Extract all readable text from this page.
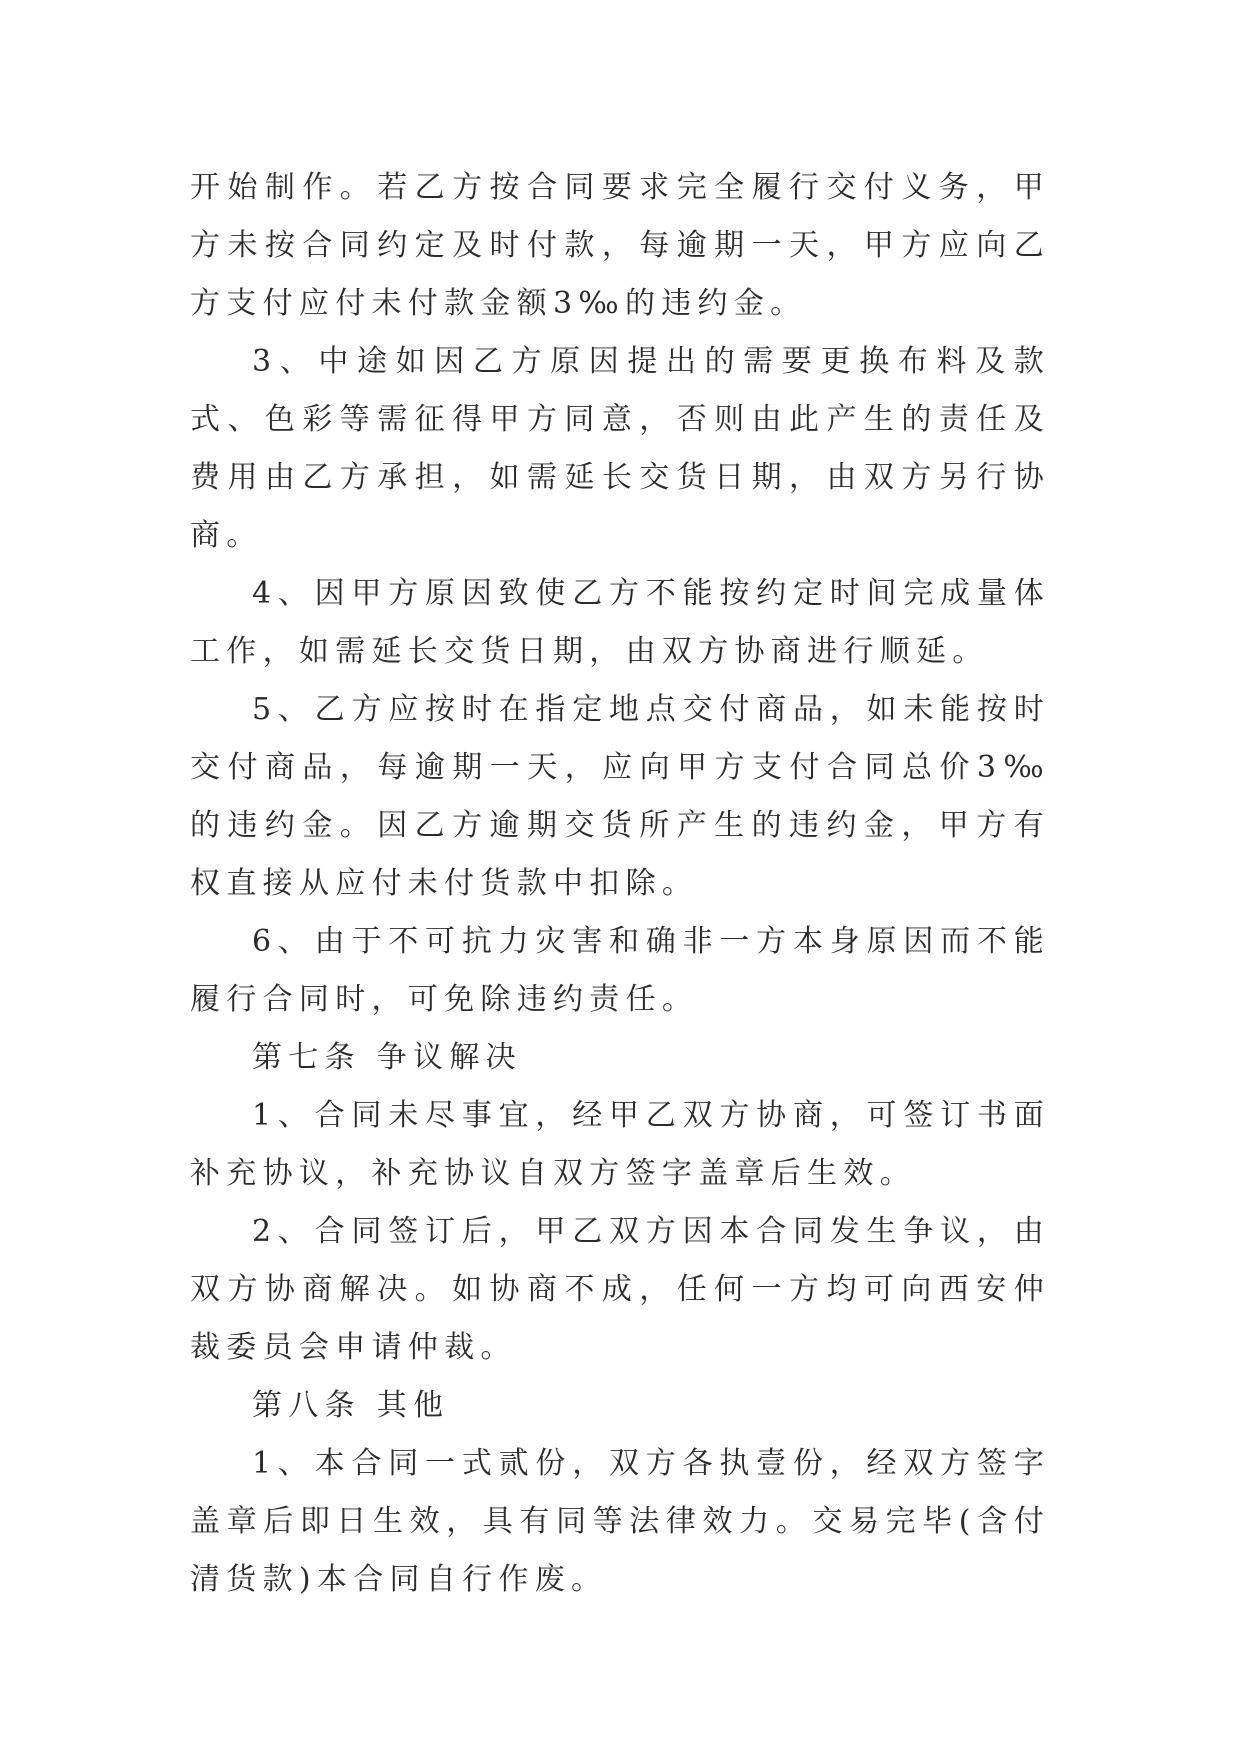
开始制作。若乙方按合同要求完全履行交付义务，甲方未按合同约定及时付款，每逾期一天，甲方应向乙方支付应付未付款金额3‰的违约金。

3、中途如因乙方原因提出的需要更换布料及款式、色彩等需征得甲方同意，否则由此产生的责任及费用由乙方承担，如需延长交货日期，由双方另行协商。

4、因甲方原因致使乙方不能按约定时间完成量体工作，如需延长交货日期，由双方协商进行顺延。

5、乙方应按时在指定地点交付商品，如未能按时交付商品，每逾期一天，应向甲方支付合同总价3‰的违约金。因乙方逾期交货所产生的违约金，甲方有权直接从应付未付货款中扣除。

6、由于不可抗力灾害和确非一方本身原因而不能履行合同时，可免除违约责任。

第七条 争议解决

1、合同未尽事宜，经甲乙双方协商，可签订书面补充协议，补充协议自双方签字盖章后生效。

2、合同签订后，甲乙双方因本合同发生争议，由双方协商解决。如协商不成，任何一方均可向西安仲裁委员会申请仲裁。

第八条 其他

1、本合同一式贰份，双方各执壹份，经双方签字盖章后即日生效，具有同等法律效力。交易完毕(含付清货款)本合同自行作废。
